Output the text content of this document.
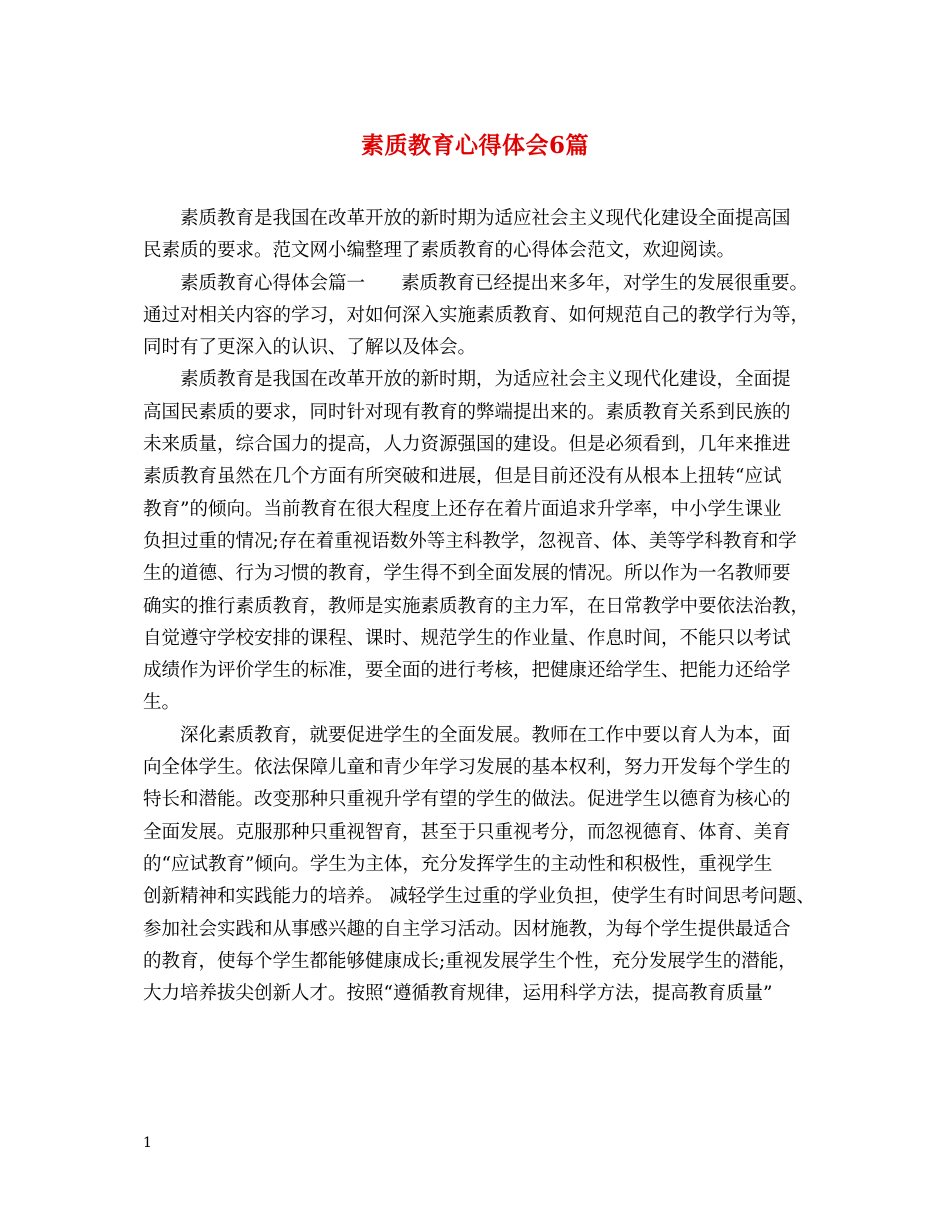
素质教育心得体会6篇
素质教育是我国在改革开放的新时期为适应社会主义现代化建设全面提高国
民素质的要求。范文网小编整理了素质教育的心得体会范文，欢迎阅读。
素质教育心得体会篇一 素质教育已经提出来多年，对学生的发展很重要。
通过对相关内容的学习，对如何深入实施素质教育、如何规范自己的教学行为等，
同时有了更深入的认识、了解以及体会。
素质教育是我国在改革开放的新时期，为适应社会主义现代化建设，全面提
高国民素质的要求，同时针对现有教育的弊端提出来的。素质教育关系到民族的
未来质量，综合国力的提高，人力资源强国的建设。但是必须看到，几年来推进
素质教育虽然在几个方面有所突破和进展，但是目前还没有从根本上扭转“应试
教育”的倾向。当前教育在很大程度上还存在着片面追求升学率，中小学生课业
负担过重的情况;存在着重视语数外等主科教学，忽视音、体、美等学科教育和学
生的道德、行为习惯的教育，学生得不到全面发展的情况。所以作为一名教师要
确实的推行素质教育，教师是实施素质教育的主力军，在日常教学中要依法治教，
自觉遵守学校安排的课程、课时、规范学生的作业量、作息时间，不能只以考试
成绩作为评价学生的标准，要全面的进行考核，把健康还给学生、把能力还给学
生。
深化素质教育，就要促进学生的全面发展。教师在工作中要以育人为本，面
向全体学生。依法保障儿童和青少年学习发展的基本权利，努力开发每个学生的
特长和潜能。改变那种只重视升学有望的学生的做法。促进学生以德育为核心的
全面发展。克服那种只重视智育，甚至于只重视考分，而忽视德育、体育、美育
的“应试教育”倾向。学生为主体，充分发挥学生的主动性和积极性，重视学生
创新精神和实践能力的培养。 减轻学生过重的学业负担，使学生有时间思考问题、
参加社会实践和从事感兴趣的自主学习活动。因材施教，为每个学生提供最适合
的教育，使每个学生都能够健康成长;重视发展学生个性，充分发展学生的潜能，
大力培养拔尖创新人才。按照“遵循教育规律，运用科学方法，提高教育质量”
1
